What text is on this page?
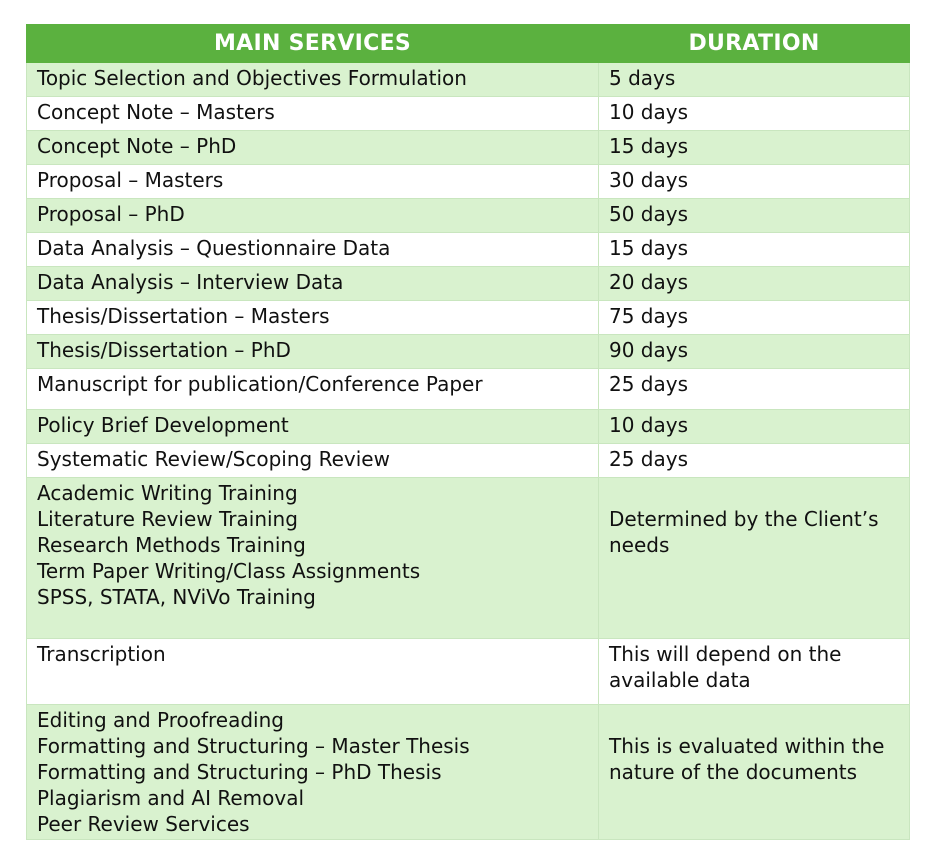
MAIN SERVICES	DURATION

Topic Selection and Objectives Formulation	5 days

Concept Note – Masters	10 days

Concept Note – PhD	15 days

Proposal – Masters	30 days

Proposal – PhD	50 days

Data Analysis – Questionnaire Data	15 days

Data Analysis – Interview Data	20 days

Thesis/Dissertation – Masters	75 days

Thesis/Dissertation – PhD	90 days

Manuscript for publication/Conference Paper	25 days

Policy Brief Development	10 days

Systematic Review/Scoping Review	25 days

Academic Writing Training
Literature Review Training
Research Methods Training
Term Paper Writing/Class Assignments
SPSS, STATA, NViVo Training	Determined by the Client’s
needs

Transcription	This will depend on the
available data

Editing and Proofreading
Formatting and Structuring – Master Thesis
Formatting and Structuring – PhD Thesis
Plagiarism and AI Removal
Peer Review Services	This is evaluated within the
nature of the documents
